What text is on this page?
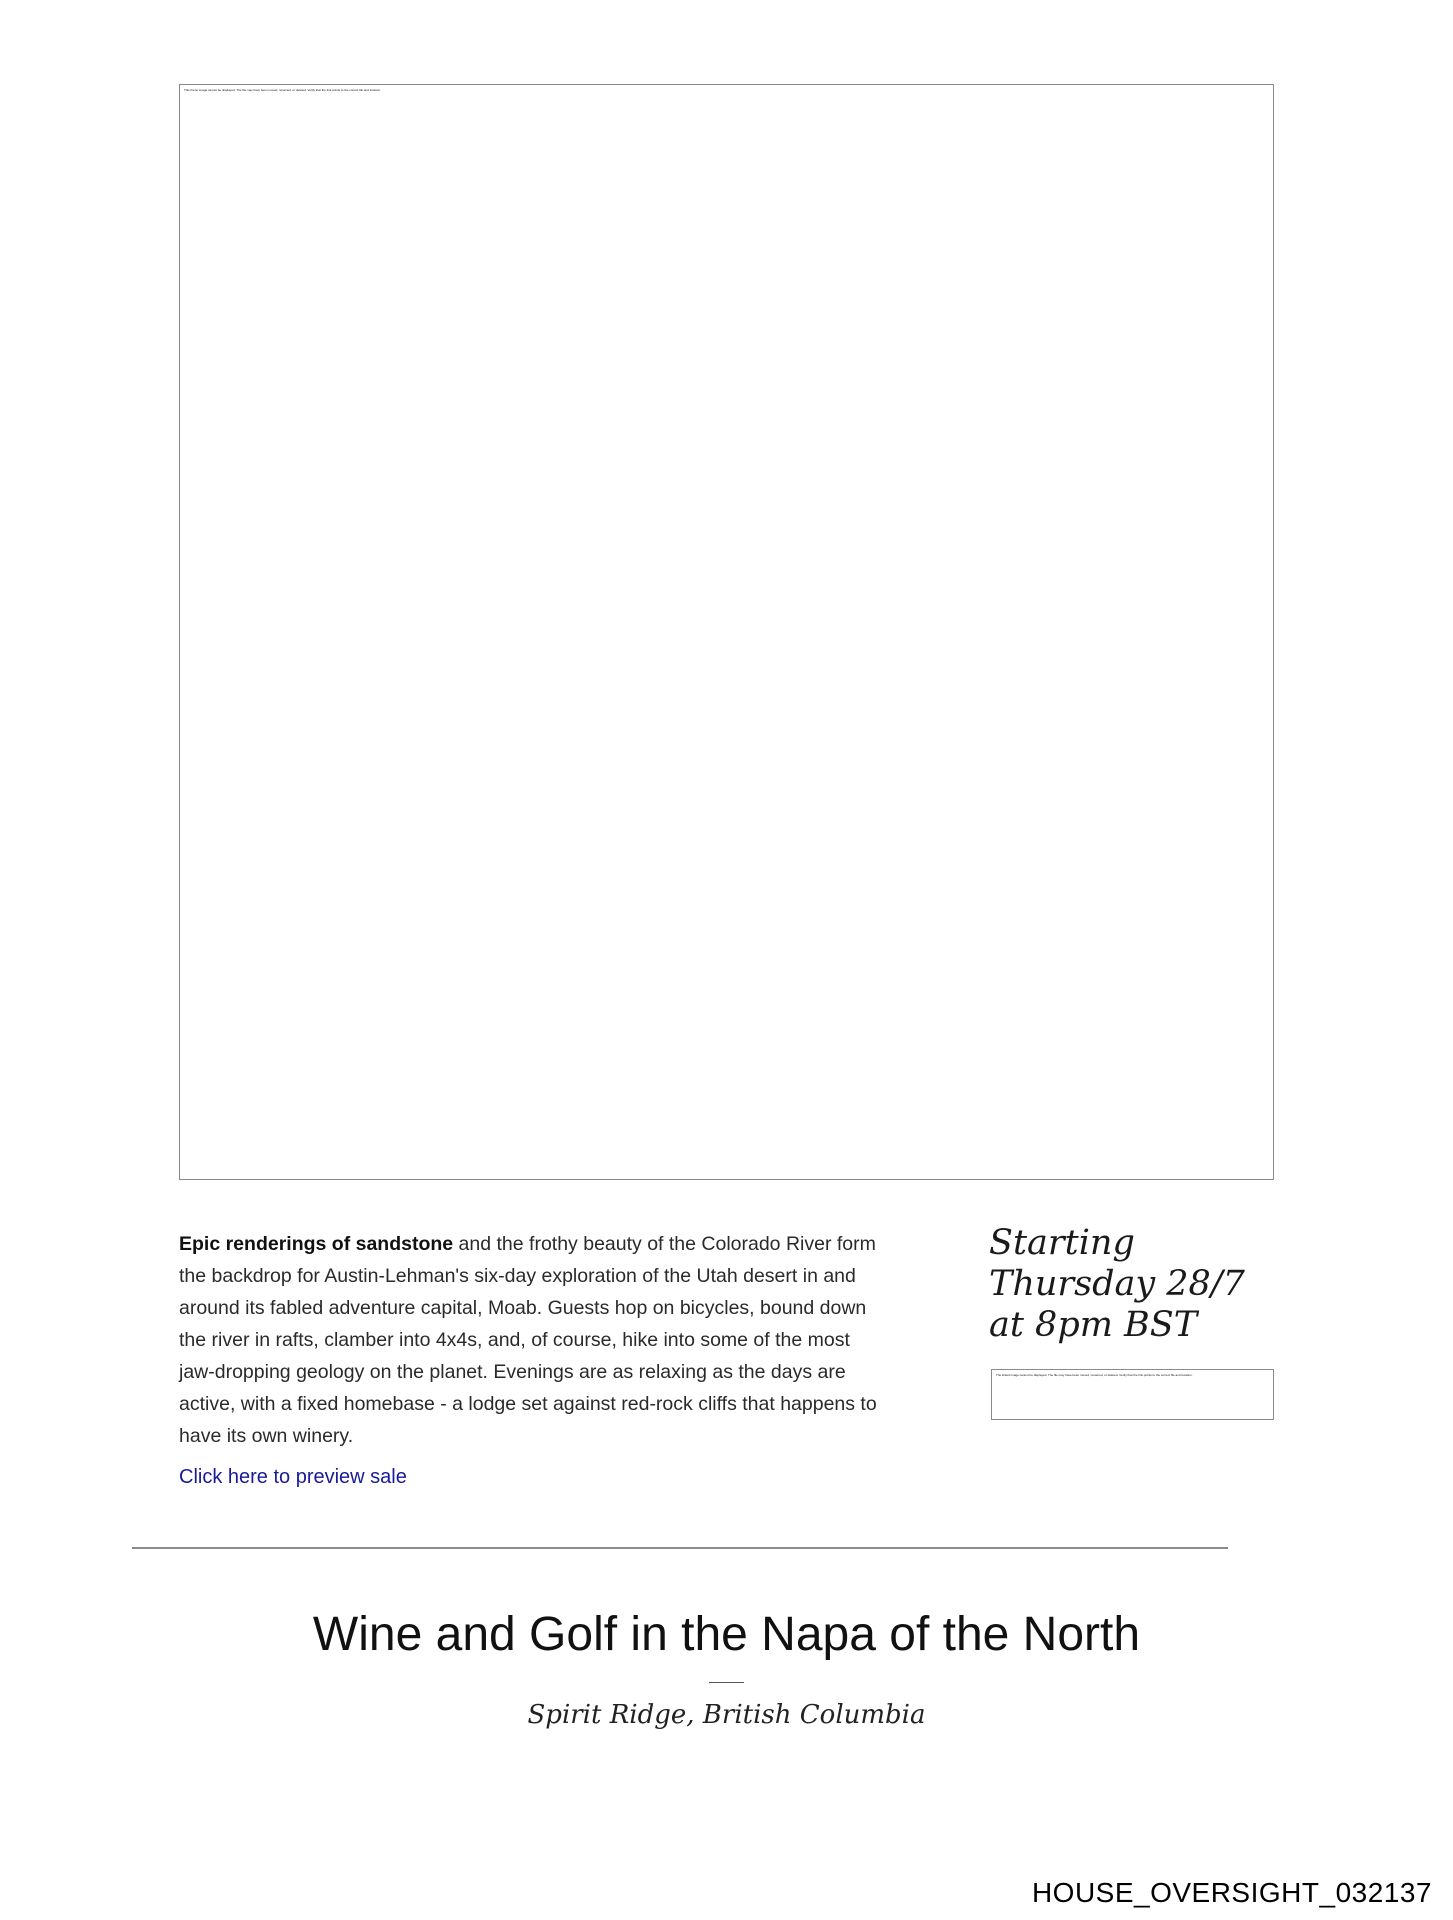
This frame image cannot be displayed. The file may have been moved, renamed, or deleted. Verify that the link points to the correct file and location.
Epic renderings of sandstone and the frothy beauty of the Colorado River form the backdrop for Austin-Lehman's six-day exploration of the Utah desert in and around its fabled adventure capital, Moab. Guests hop on bicycles, bound down the river in rafts, clamber into 4x4s, and, of course, hike into some of the most jaw-dropping geology on the planet. Evenings are as relaxing as the days are active, with a fixed homebase - a lodge set against red-rock cliffs that happens to have its own winery.
Click here to preview sale
Starting Thursday 28/7 at 8pm BST
The linked image cannot be displayed. The file may have been moved, renamed, or deleted. Verify that the link points to the correct file and location.
Wine and Golf in the Napa of the North
Spirit Ridge, British Columbia
HOUSE_OVERSIGHT_032137
